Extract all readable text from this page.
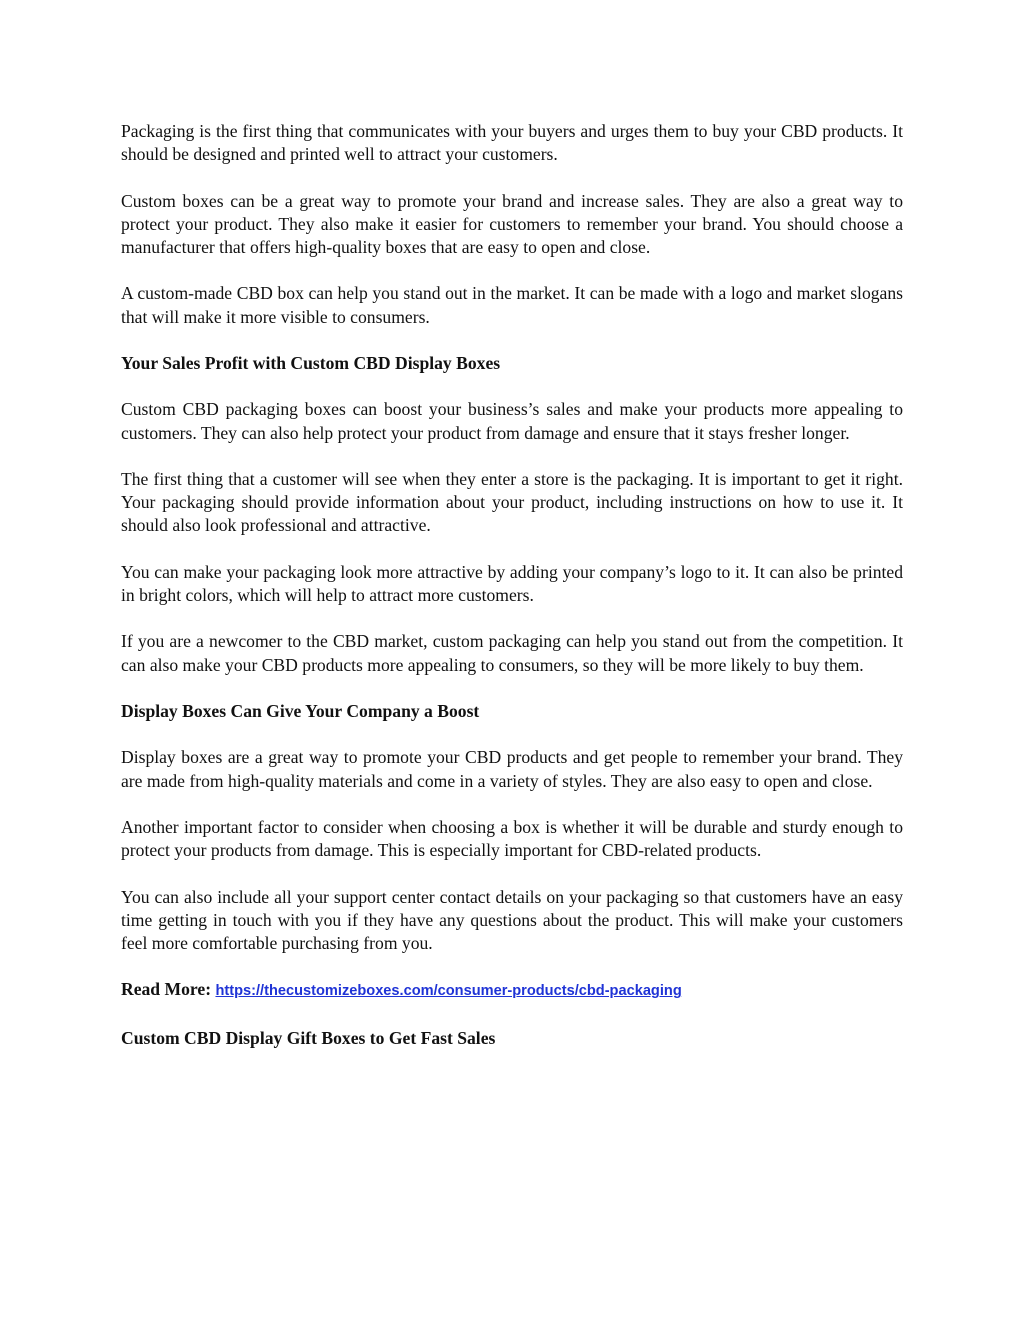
Packaging is the first thing that communicates with your buyers and urges them to buy your CBD products. It should be designed and printed well to attract your customers.

Custom boxes can be a great way to promote your brand and increase sales. They are also a great way to protect your product. They also make it easier for customers to remember your brand. You should choose a manufacturer that offers high-quality boxes that are easy to open and close.

A custom-made CBD box can help you stand out in the market. It can be made with a logo and market slogans that will make it more visible to consumers.

Your Sales Profit with Custom CBD Display Boxes

Custom CBD packaging boxes can boost your business’s sales and make your products more appealing to customers. They can also help protect your product from damage and ensure that it stays fresher longer.

The first thing that a customer will see when they enter a store is the packaging. It is important to get it right. Your packaging should provide information about your product, including instructions on how to use it. It should also look professional and attractive.

You can make your packaging look more attractive by adding your company’s logo to it. It can also be printed in bright colors, which will help to attract more customers.

If you are a newcomer to the CBD market, custom packaging can help you stand out from the competition. It can also make your CBD products more appealing to consumers, so they will be more likely to buy them.

Display Boxes Can Give Your Company a Boost

Display boxes are a great way to promote your CBD products and get people to remember your brand. They are made from high-quality materials and come in a variety of styles. They are also easy to open and close.

Another important factor to consider when choosing a box is whether it will be durable and sturdy enough to protect your products from damage. This is especially important for CBD-related products.

You can also include all your support center contact details on your packaging so that customers have an easy time getting in touch with you if they have any questions about the product. This will make your customers feel more comfortable purchasing from you.

Read More: https://thecustomizeboxes.com/consumer-products/cbd-packaging

Custom CBD Display Gift Boxes to Get Fast Sales
